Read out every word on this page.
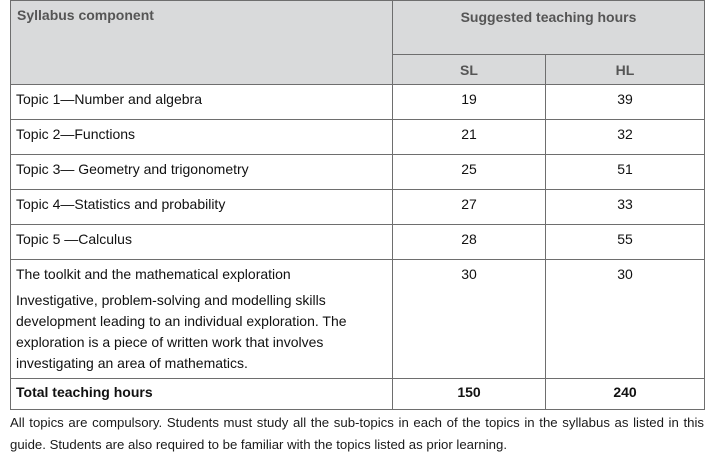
Syllabus component	Suggested teaching hours	
	SL	HL
Topic 1—Number and algebra	19	39
Topic 2—Functions	21	32
Topic 3— Geometry and trigonometry	25	51
Topic 4—Statistics and probability	27	33
Topic 5 —Calculus	28	55

The toolkit and the mathematical exploration
Investigative, problem-solving and modelling skills development leading to an individual exploration. The exploration is a piece of written work that involves investigating an area of mathematics.	30	30
Total teaching hours	150	240

All topics are compulsory. Students must study all the sub-topics in each of the topics in the syllabus as listed in this guide. Students are also required to be familiar with the topics listed as prior learning.
